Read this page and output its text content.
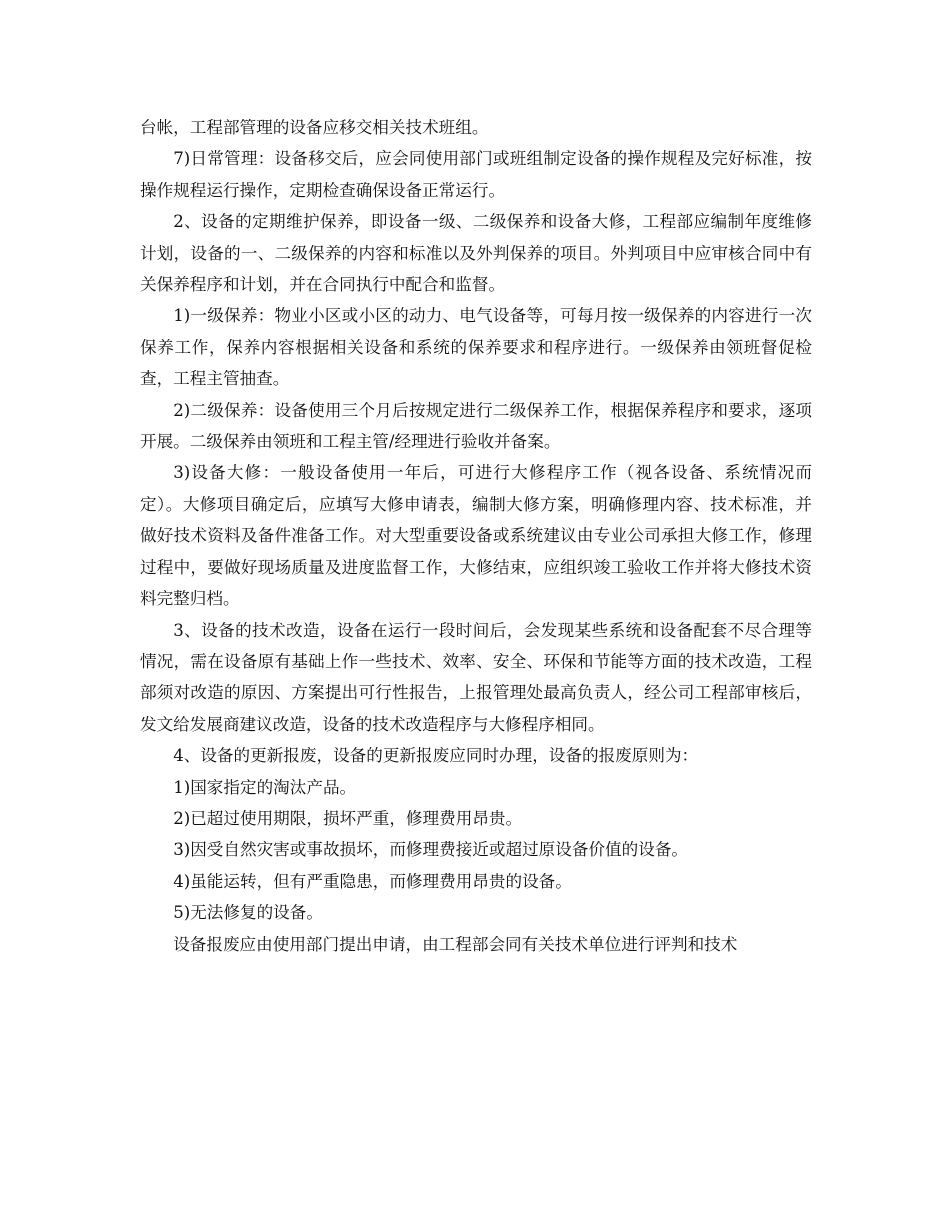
台帐，工程部管理的设备应移交相关技术班组。

7)日常管理：设备移交后，应会同使用部门或班组制定设备的操作规程及完好标准，按操作规程运行操作，定期检查确保设备正常运行。

2、设备的定期维护保养，即设备一级、二级保养和设备大修，工程部应编制年度维修计划，设备的一、二级保养的内容和标准以及外判保养的项目。外判项目中应审核合同中有关保养程序和计划，并在合同执行中配合和监督。

1)一级保养：物业小区或小区的动力、电气设备等，可每月按一级保养的内容进行一次保养工作，保养内容根据相关设备和系统的保养要求和程序进行。一级保养由领班督促检查，工程主管抽查。

2)二级保养：设备使用三个月后按规定进行二级保养工作，根据保养程序和要求，逐项开展。二级保养由领班和工程主管/经理进行验收并备案。

3)设备大修：一般设备使用一年后，可进行大修程序工作（视各设备、系统情况而定）。大修项目确定后，应填写大修申请表，编制大修方案，明确修理内容、技术标准，并做好技术资料及备件准备工作。对大型重要设备或系统建议由专业公司承担大修工作，修理过程中，要做好现场质量及进度监督工作，大修结束，应组织竣工验收工作并将大修技术资料完整归档。

3、设备的技术改造，设备在运行一段时间后，会发现某些系统和设备配套不尽合理等情况，需在设备原有基础上作一些技术、效率、安全、环保和节能等方面的技术改造，工程部须对改造的原因、方案提出可行性报告，上报管理处最高负责人，经公司工程部审核后，发文给发展商建议改造，设备的技术改造程序与大修程序相同。

4、设备的更新报废，设备的更新报废应同时办理，设备的报废原则为：

1)国家指定的淘汰产品。

2)已超过使用期限，损坏严重，修理费用昂贵。

3)因受自然灾害或事故损坏，而修理费接近或超过原设备价值的设备。

4)虽能运转，但有严重隐患，而修理费用昂贵的设备。

5)无法修复的设备。

设备报废应由使用部门提出申请，由工程部会同有关技术单位进行评判和技术
